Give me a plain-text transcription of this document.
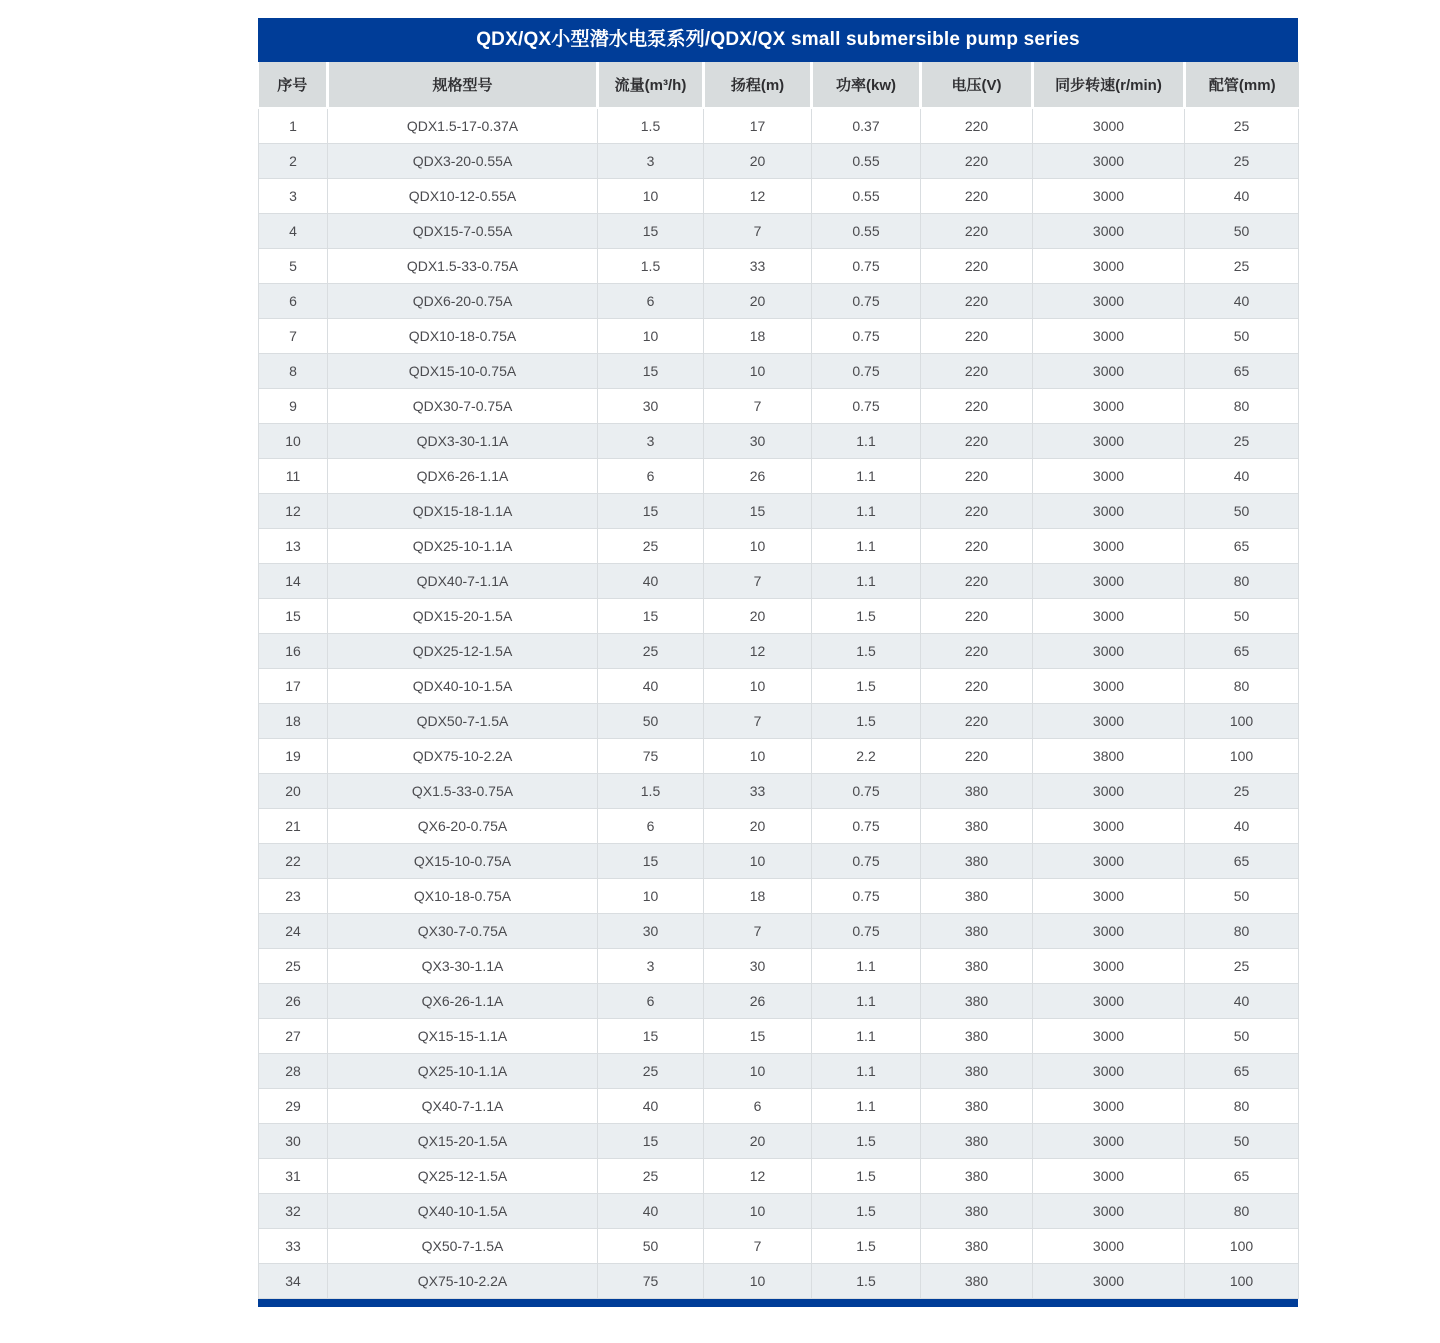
QDX/QX小型潜水电泵系列/QDX/QX small submersible pump series
序号	规格型号	流量(m³/h)	扬程(m)	功率(kw)	电压(V)	同步转速(r/min)	配管(mm)
1	QDX1.5-17-0.37A	1.5	17	0.37	220	3000	25
2	QDX3-20-0.55A	3	20	0.55	220	3000	25
3	QDX10-12-0.55A	10	12	0.55	220	3000	40
4	QDX15-7-0.55A	15	7	0.55	220	3000	50
5	QDX1.5-33-0.75A	1.5	33	0.75	220	3000	25
6	QDX6-20-0.75A	6	20	0.75	220	3000	40
7	QDX10-18-0.75A	10	18	0.75	220	3000	50
8	QDX15-10-0.75A	15	10	0.75	220	3000	65
9	QDX30-7-0.75A	30	7	0.75	220	3000	80
10	QDX3-30-1.1A	3	30	1.1	220	3000	25
11	QDX6-26-1.1A	6	26	1.1	220	3000	40
12	QDX15-18-1.1A	15	15	1.1	220	3000	50
13	QDX25-10-1.1A	25	10	1.1	220	3000	65
14	QDX40-7-1.1A	40	7	1.1	220	3000	80
15	QDX15-20-1.5A	15	20	1.5	220	3000	50
16	QDX25-12-1.5A	25	12	1.5	220	3000	65
17	QDX40-10-1.5A	40	10	1.5	220	3000	80
18	QDX50-7-1.5A	50	7	1.5	220	3000	100
19	QDX75-10-2.2A	75	10	2.2	220	3800	100
20	QX1.5-33-0.75A	1.5	33	0.75	380	3000	25
21	QX6-20-0.75A	6	20	0.75	380	3000	40
22	QX15-10-0.75A	15	10	0.75	380	3000	65
23	QX10-18-0.75A	10	18	0.75	380	3000	50
24	QX30-7-0.75A	30	7	0.75	380	3000	80
25	QX3-30-1.1A	3	30	1.1	380	3000	25
26	QX6-26-1.1A	6	26	1.1	380	3000	40
27	QX15-15-1.1A	15	15	1.1	380	3000	50
28	QX25-10-1.1A	25	10	1.1	380	3000	65
29	QX40-7-1.1A	40	6	1.1	380	3000	80
30	QX15-20-1.5A	15	20	1.5	380	3000	50
31	QX25-12-1.5A	25	12	1.5	380	3000	65
32	QX40-10-1.5A	40	10	1.5	380	3000	80
33	QX50-7-1.5A	50	7	1.5	380	3000	100
34	QX75-10-2.2A	75	10	1.5	380	3000	100
